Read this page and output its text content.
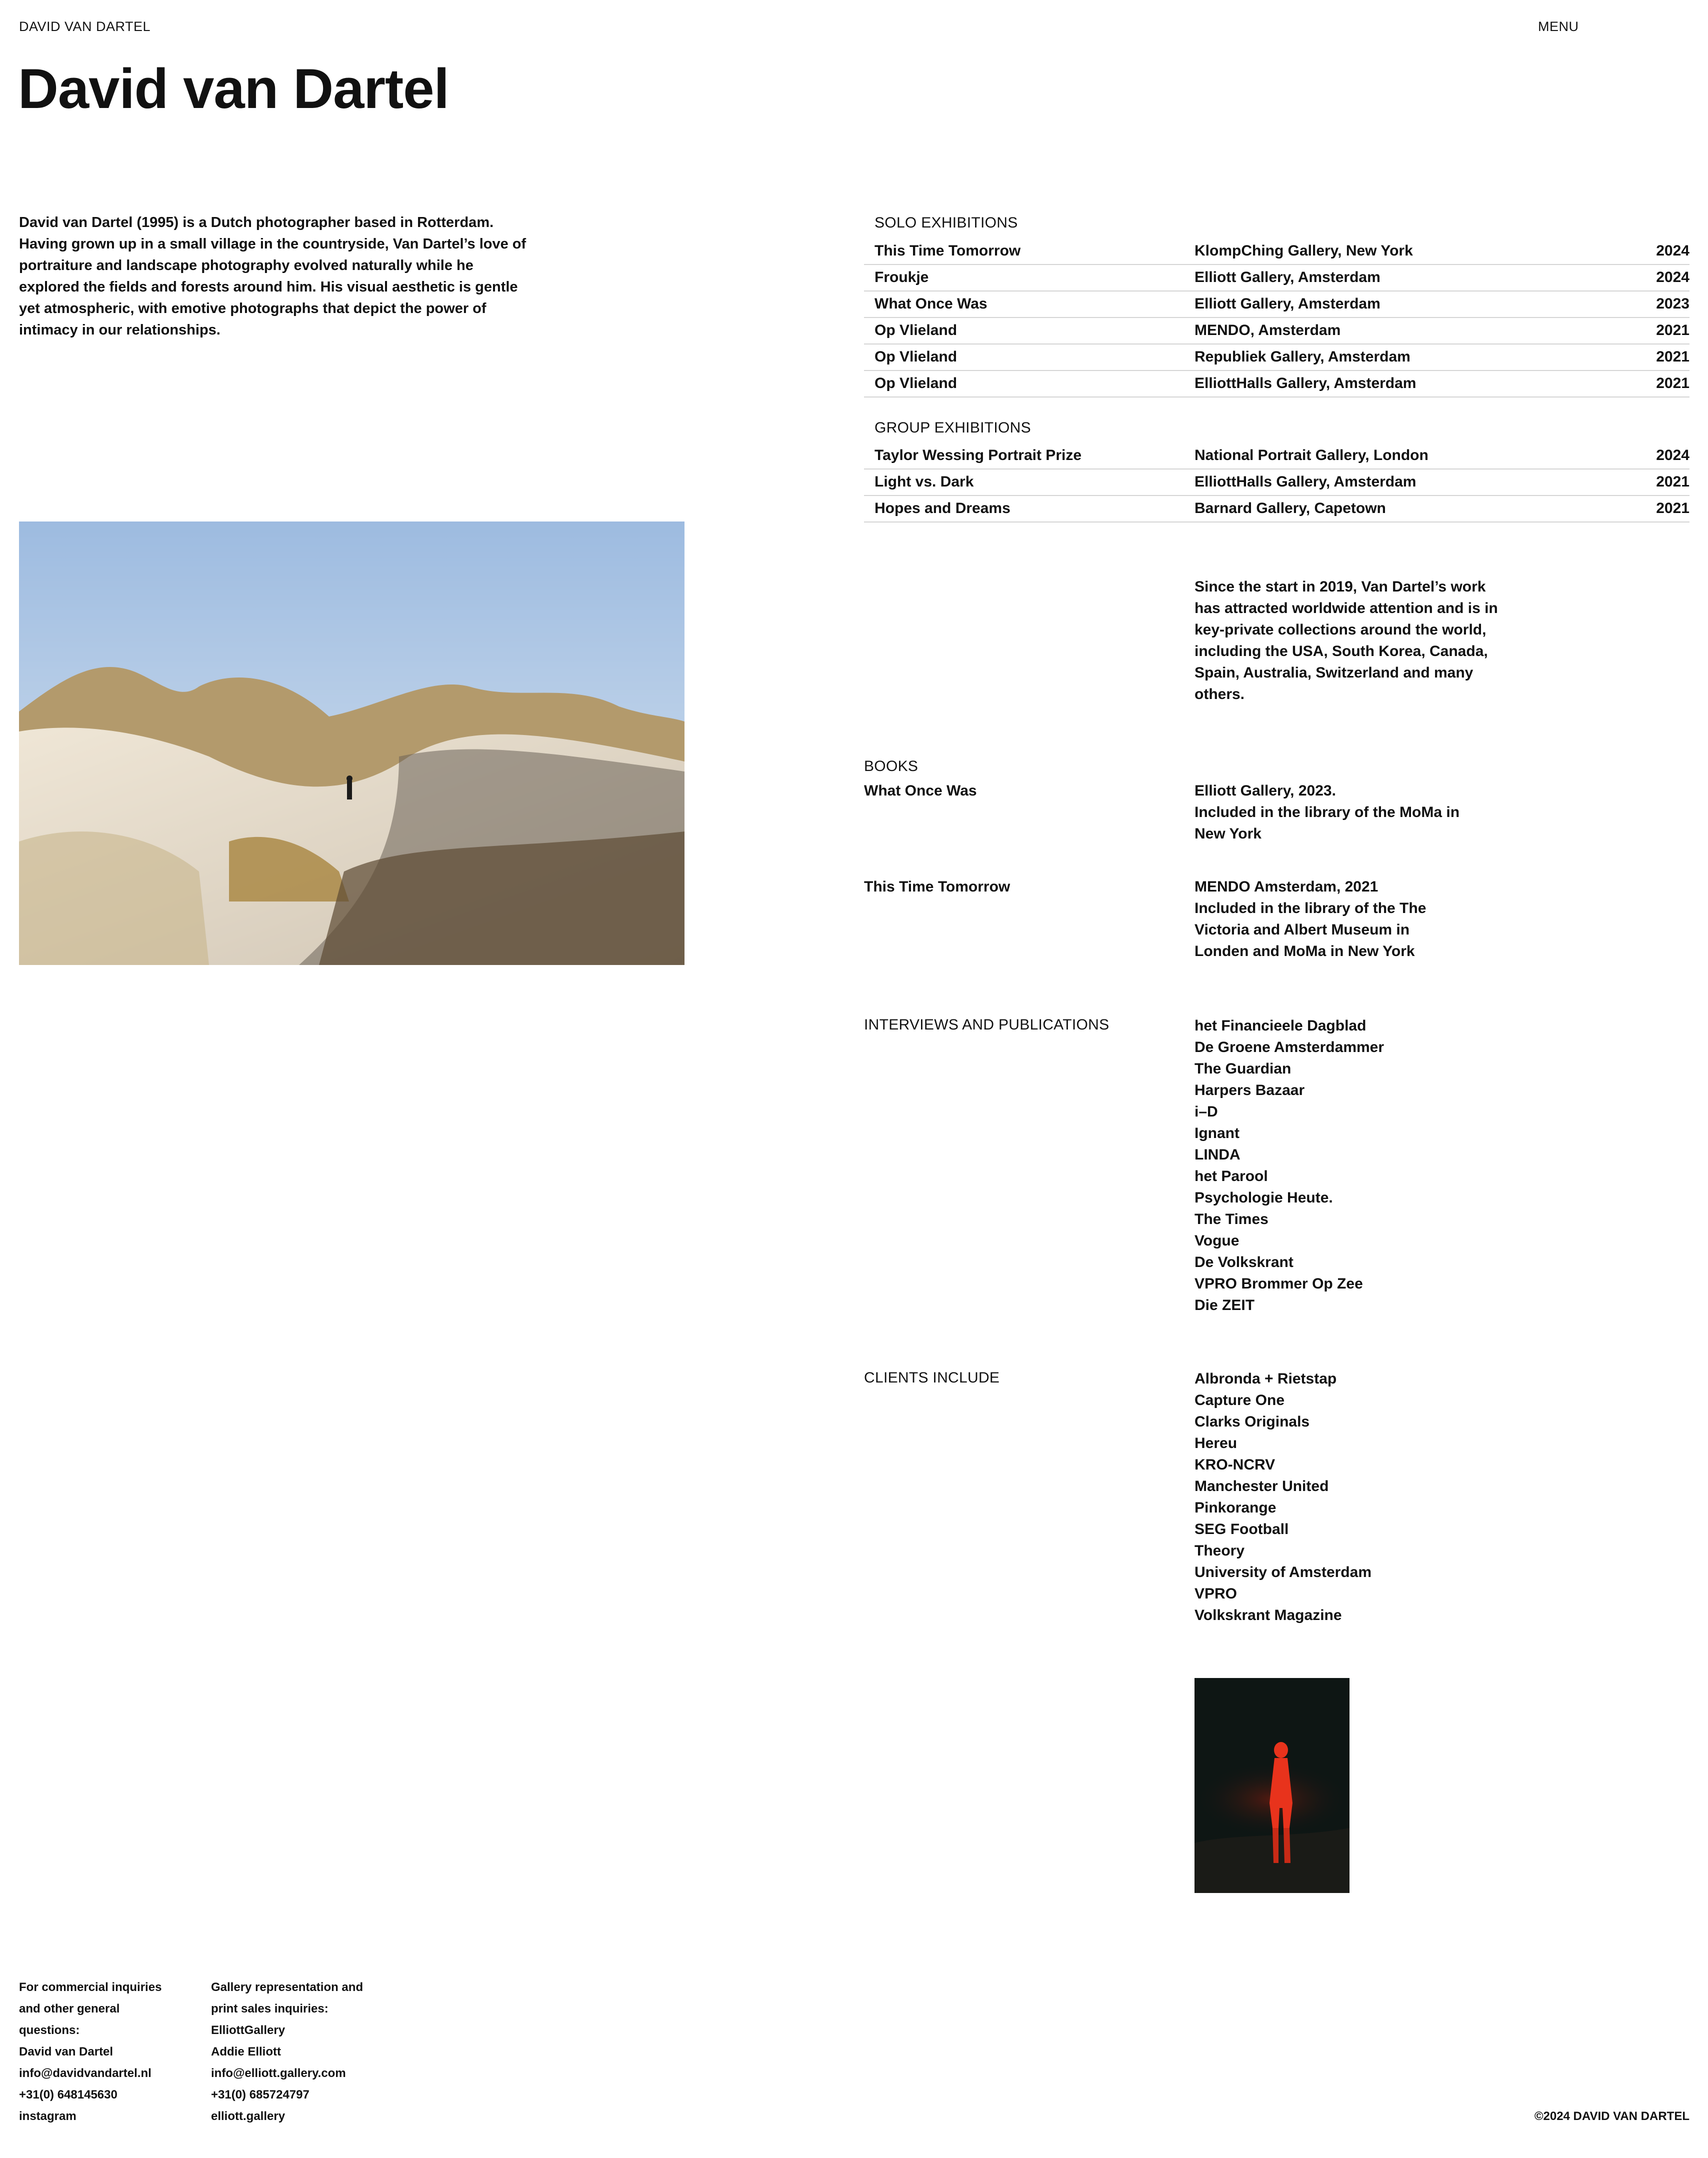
DAVID VAN DARTEL	MENU
David van Dartel

David van Dartel (1995) is a Dutch photographer based in Rotterdam. Having grown up in a small village in the countryside, Van Dartel’s love of portraiture and landscape photography evolved naturally while he explored the fields and forests around him. His visual aesthetic is gentle yet atmospheric, with emotive photographs that depict the power of intimacy in our relationships.

SOLO EXHIBITIONS
This Time Tomorrow	KlompChing Gallery, New York	2024
Froukje	Elliott Gallery, Amsterdam	2024
What Once Was	Elliott Gallery, Amsterdam	2023
Op Vlieland	MENDO, Amsterdam	2021
Op Vlieland	Republiek Gallery, Amsterdam	2021
Op Vlieland	ElliottHalls Gallery, Amsterdam	2021
GROUP EXHIBITIONS
Taylor Wessing Portrait Prize	National Portrait Gallery, London	2024
Light vs. Dark	ElliottHalls Gallery, Amsterdam	2021
Hopes and Dreams	Barnard Gallery, Capetown	2021

Since the start in 2019, Van Dartel’s work has attracted worldwide attention and is in key-private collections around the world, including the USA, South Korea, Canada, Spain, Australia, Switzerland and many others.

BOOKS
What Once Was	Elliott Gallery, 2023.
Included in the library of the MoMa in
New York
This Time Tomorrow	MENDO Amsterdam, 2021
Included in the library of the The
Victoria and Albert Museum in
Londen and MoMa in New York
INTERVIEWS AND PUBLICATIONS	het Financieele Dagblad
De Groene Amsterdammer
The Guardian
Harpers Bazaar
i–D
Ignant
LINDA
het Parool
Psychologie Heute.
The Times
Vogue
De Volkskrant
VPRO Brommer Op Zee
Die ZEIT
CLIENTS INCLUDE	Albronda + Rietstap
Capture One
Clarks Originals
Hereu
KRO-NCRV
Manchester United
Pinkorange
SEG Football
Theory
University of Amsterdam
VPRO
Volkskrant Magazine
For commercial inquiries
and other general
questions:
David van Dartel
info@davidvandartel.nl
+31(0) 648145630
instagram
Gallery representation and
print sales inquiries:
ElliottGallery
Addie Elliott
info@elliott.gallery.com
+31(0) 685724797
elliott.gallery	©2024 DAVID VAN DARTEL
